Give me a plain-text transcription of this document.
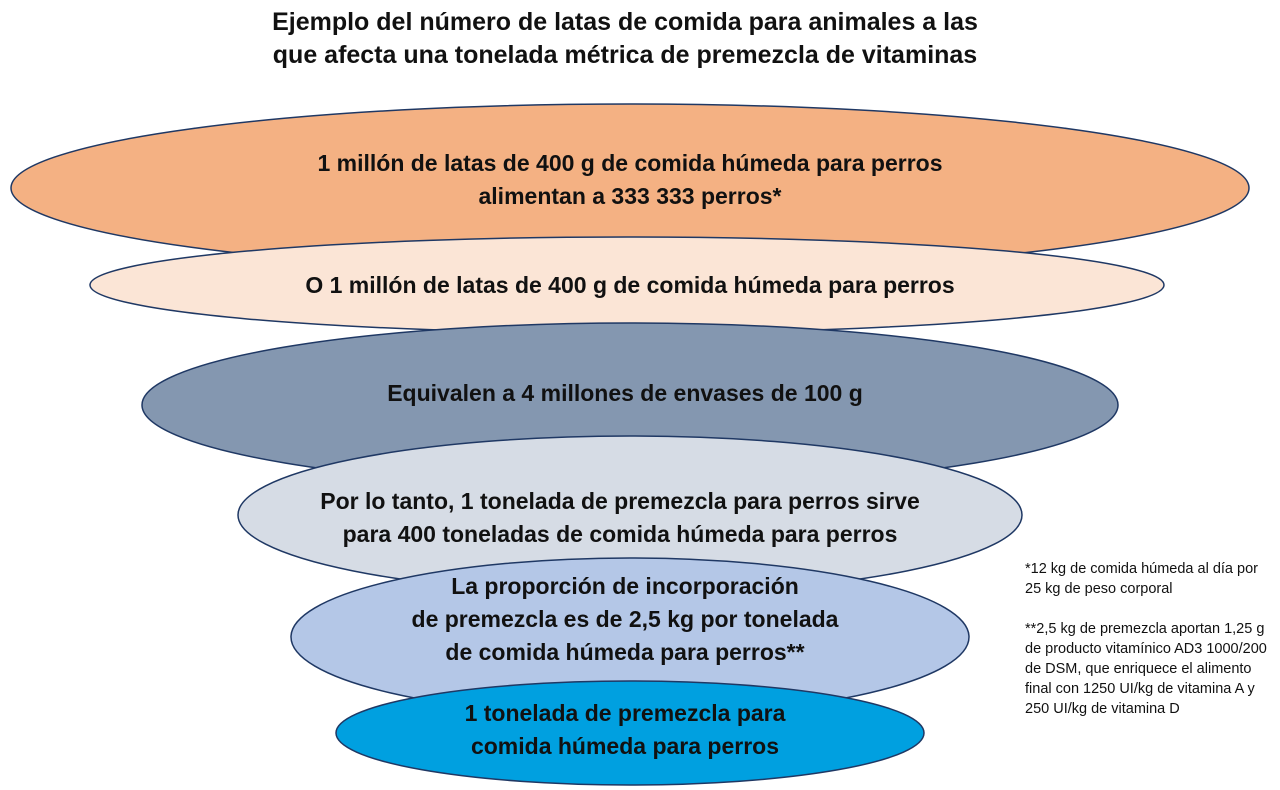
Ejemplo del número de latas de comida para animales a las
que afecta una tonelada métrica de premezcla de vitaminas
1 millón de latas de 400 g de comida húmeda para perros
alimentan a 333 333 perros*
O 1 millón de latas de 400 g de comida húmeda para perros
Equivalen a 4 millones de envases de 100 g
Por lo tanto, 1 tonelada de premezcla para perros sirve
para 400 toneladas de comida húmeda para perros
La proporción de incorporación
de premezcla es de 2,5 kg por tonelada
de comida húmeda para perros**
1 tonelada de premezcla para
comida húmeda para perros

*12 kg de comida húmeda al día por 25 kg de peso corporal

**2,5 kg de premezcla aportan 1,25 g de producto vitamínico AD3 1000/200 de DSM, que enriquece el alimento final con 1250 UI/kg de vitamina A y 250 UI/kg de vitamina D
